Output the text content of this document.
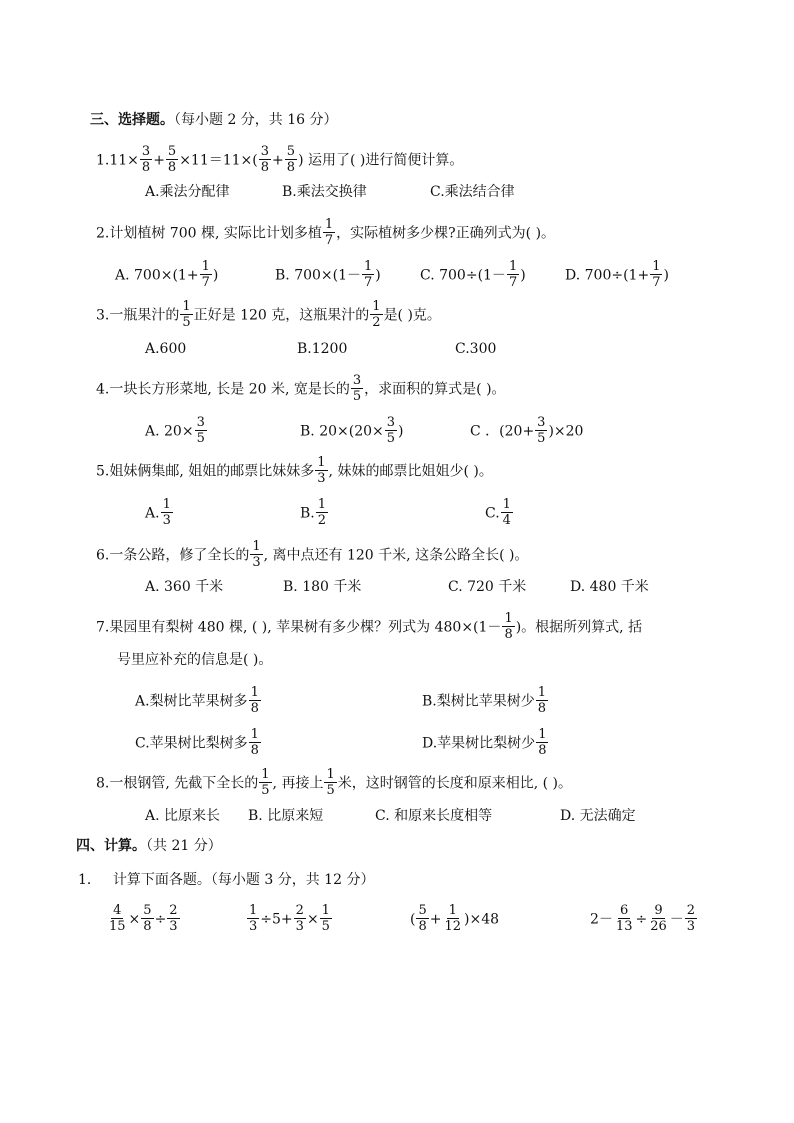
三、选择题。（每小题 2 分，共 16 分）
$1.11\times \frac{3}{8} + \frac{5}{8} \times 11=11\times( \frac{3}{8} + \frac{5}{8}$ ) 运用了( )进行简便计算。
A.乘法分配律	B.乘法交换律	C.乘法结合律
2.计划植树 700 棵, 实际比计划多植 $\frac{1}{7}$ ，实际植树多少棵?正确列式为( )。
A. $700\times(1+ \frac{1}{7}$ )	B. $700\times(1- \frac{1}{7}$ )	C. $700\div(1- \frac{1}{7}$ )	D. $700\div(1+ \frac{1}{7}$ )
3.一瓶果汁的 $\frac{1}{5}$ 正好是 120 克，这瓶果汁的 $\frac{1}{2}$ 是( )克。
A.600	B.1200	C.300
4.一块长方形菜地, 长是 20 米, 宽是长的 $\frac{3}{5}$ ，求面积的算式是( )。
A. $20\times \frac{3}{5}$	B. $20\times(20\times \frac{3}{5}$ )	C ．$(20+ \frac{3}{5} )\times 20$
5.姐妹俩集邮, 姐姐的邮票比妹妹多 $\frac{1}{3}$ , 妹妹的邮票比姐姐少( )。
A. $\frac{1}{3}$	B. $\frac{1}{2}$	C. $\frac{1}{4}$
6.一条公路，修了全长的 $\frac{1}{3}$ , 离中点还有 120 千米, 这条公路全长( )。
A. 360 千米	B. 180 千米	C. 720 千米	D. 480 千米
7.果园里有梨树 480 棵, ( ), 苹果树有多少棵？列式为 $480\times(1- \frac{1}{8}$ )。根据所列算式, 括
号里应补充的信息是( )。
A.梨树比苹果树多 $\frac{1}{8}$	B.梨树比苹果树少 $\frac{1}{8}$
C.苹果树比梨树多 $\frac{1}{8}$	D.苹果树比梨树少 $\frac{1}{8}$
8.一根钢管, 先截下全长的 $\frac{1}{5}$ , 再接上 $\frac{1}{5}$ 米，这时钢管的长度和原来相比, ( )。
A. 比原来长 B. 比原来短	C. 和原来长度相等	D. 无法确定
四、计算。（共 21 分）
1． 计算下面各题。（每小题 3 分，共 12 分）
$\frac{4}{15} \times \frac{5}{8} \div \frac{2}{3}$	$\frac{1}{3} \div 5+ \frac{2}{3} \times \frac{1}{5}$	( $\frac{5}{8} + \frac{1}{12} )\times 48$	$2- \frac{6}{13} \div \frac{9}{26} - \frac{2}{3}$
